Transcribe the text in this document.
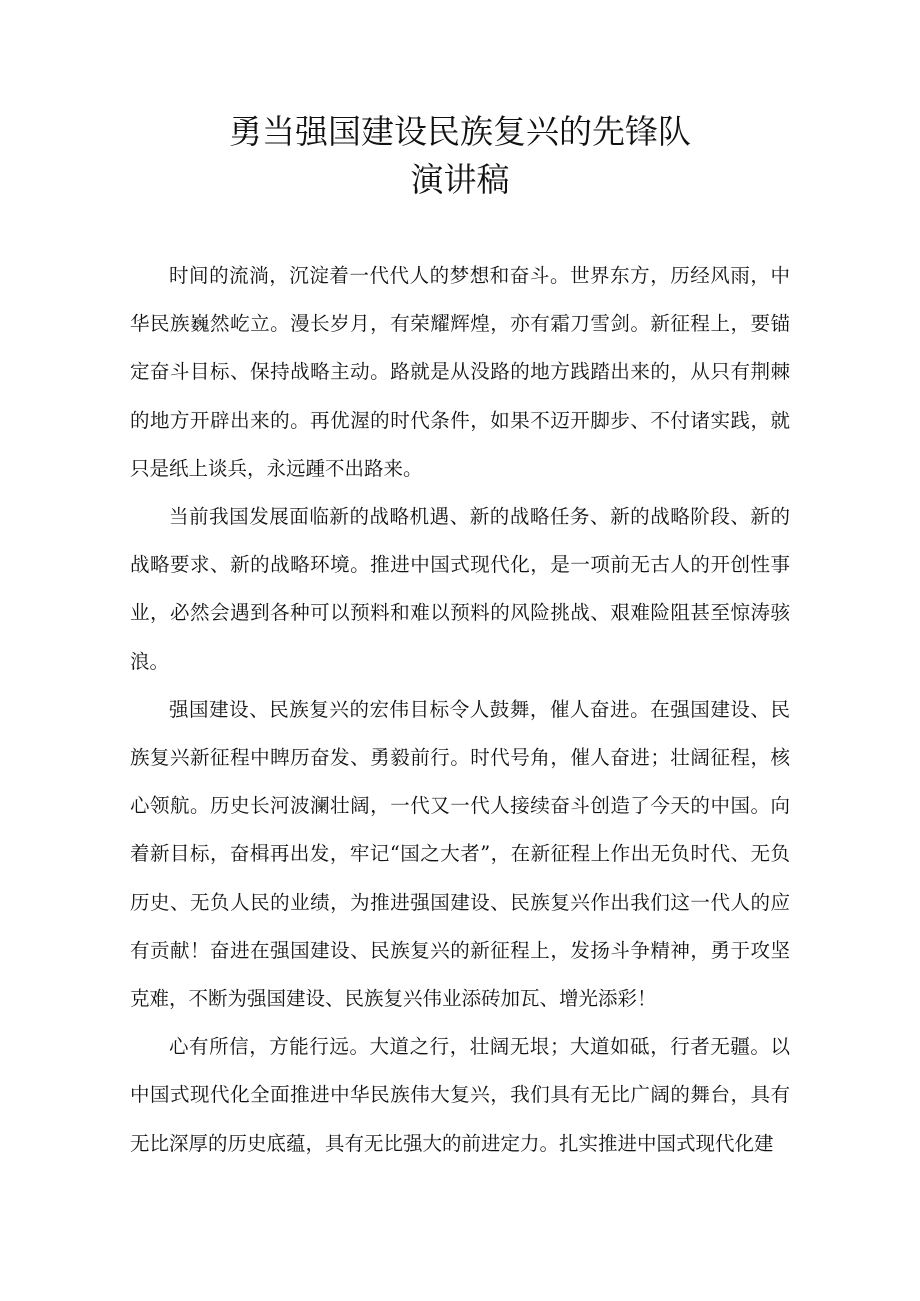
勇当强国建设民族复兴的先锋队
演讲稿

时间的流淌，沉淀着一代代人的梦想和奋斗。世界东方，历经风雨，中华民族巍然屹立。漫长岁月，有荣耀辉煌，亦有霜刀雪剑。新征程上，要锚定奋斗目标、保持战略主动。路就是从没路的地方践踏出来的，从只有荆棘的地方开辟出来的。再优渥的时代条件，如果不迈开脚步、不付诸实践，就只是纸上谈兵，永远踵不出路来。

当前我国发展面临新的战略机遇、新的战略任务、新的战略阶段、新的战略要求、新的战略环境。推进中国式现代化，是一项前无古人的开创性事业，必然会遇到各种可以预料和难以预料的风险挑战、艰难险阻甚至惊涛骇浪。

强国建设、民族复兴的宏伟目标令人鼓舞，催人奋进。在强国建设、民族复兴新征程中睥历奋发、勇毅前行。时代号角，催人奋进；壮阔征程，核心领航。历史长河波澜壮阔，一代又一代人接续奋斗创造了今天的中国。向着新目标，奋楫再出发，牢记“国之大者”，在新征程上作出无负时代、无负历史、无负人民的业绩，为推进强国建设、民族复兴作出我们这一代人的应有贡献！奋进在强国建设、民族复兴的新征程上，发扬斗争精神，勇于攻坚克难，不断为强国建设、民族复兴伟业添砖加瓦、增光添彩！

心有所信，方能行远。大道之行，壮阔无垠；大道如砥，行者无疆。以中国式现代化全面推进中华民族伟大复兴，我们具有无比广阔的舞台，具有无比深厚的历史底蕴，具有无比强大的前进定力。扎实推进中国式现代化建
